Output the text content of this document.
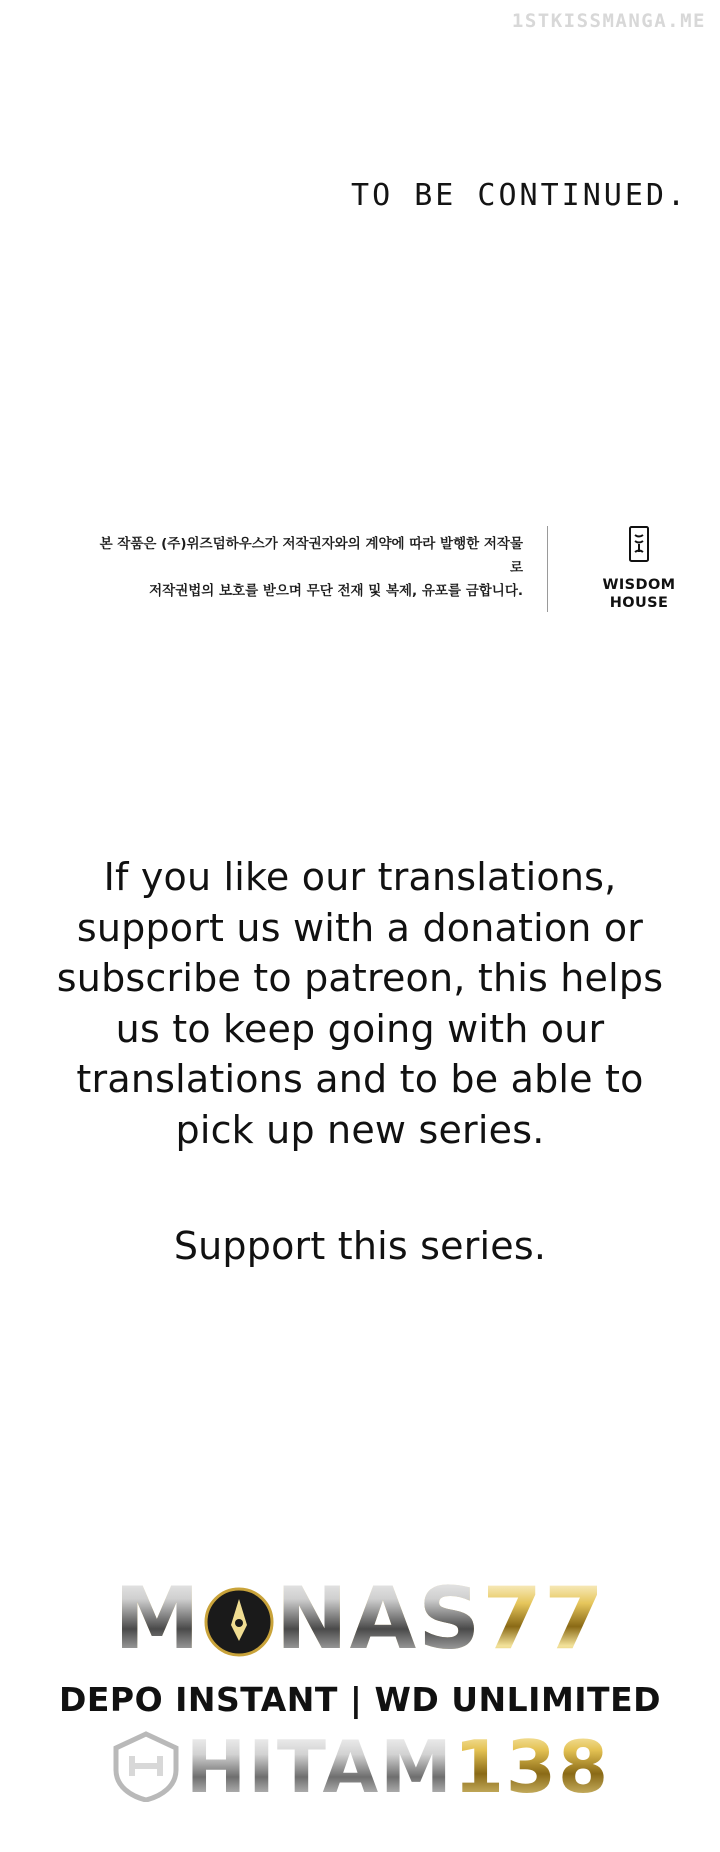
1STKISSMANGA.ME
TO BE CONTINUED.
본 작품은 (주)위즈덤하우스가 저작권자와의 계약에 따라 발행한 저작물로
저작권법의 보호를 받으며 무단 전재 및 복제, 유포를 금합니다.	WISDOM
HOUSE

If you like our translations, support us with a donation or subscribe to patreon, this helps us to keep going with our translations and to be able to pick up new series.

Support this series.

M NAS77
DEPO INSTANT | WD UNLIMITED
HITAM138
